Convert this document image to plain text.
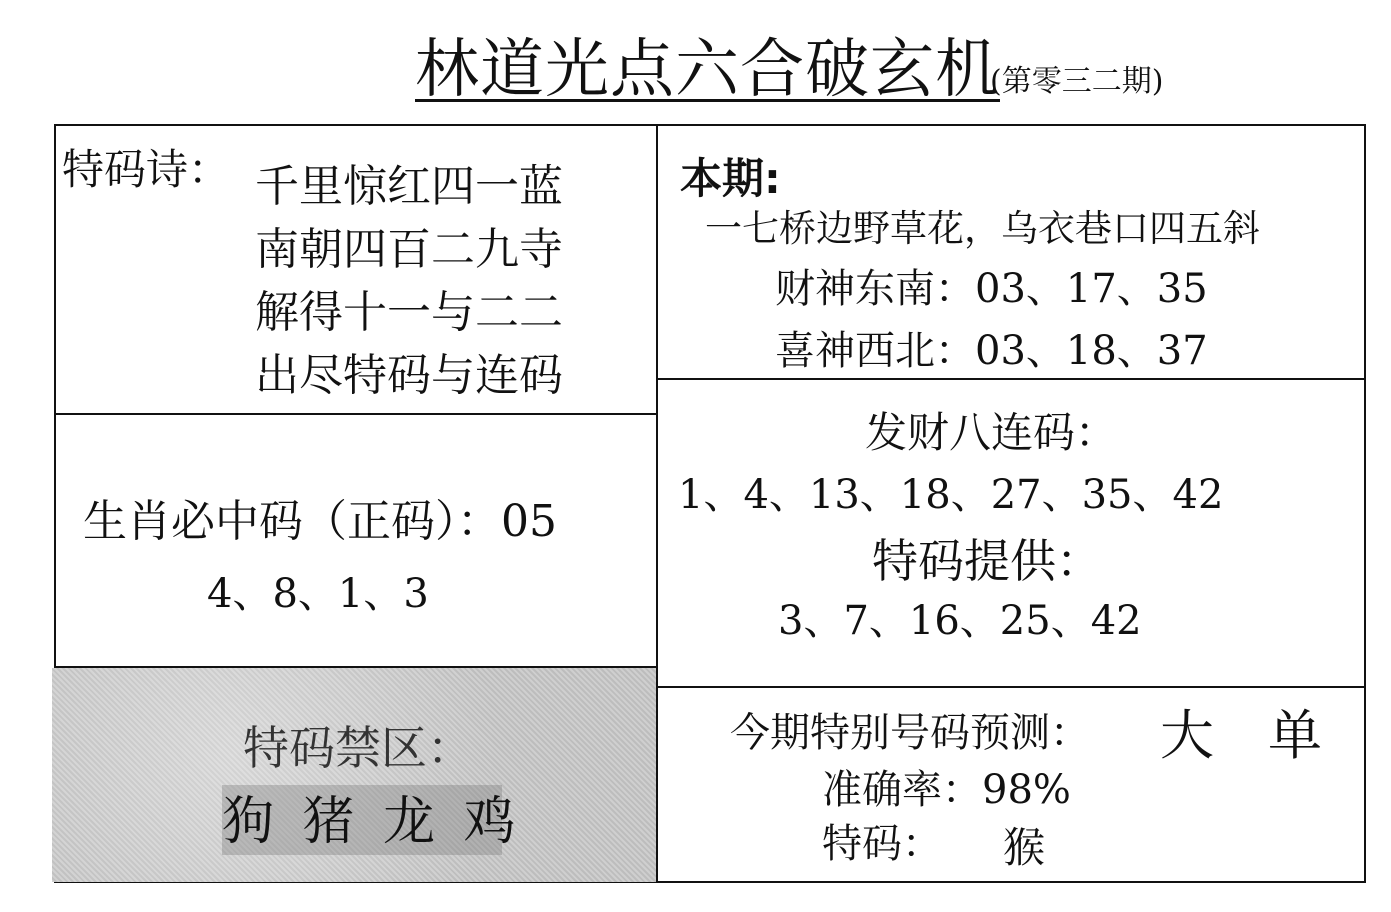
林道光点六合破玄机
(第零三二期)
特码诗： 千里惊红四一蓝
南朝四百二九寺
解得十一与二二
出尽特码与连码
生肖必中码（正码）：05
4、8、1、3
特码禁区：
狗 猪 龙 鸡
本期:
一七桥边野草花，乌衣巷口四五斜
财神东南：03、17、35
喜神西北：03、18、37
发财八连码：
1、4、13、18、27、35、42
特码提供：
3、7、16、25、42
今期特别号码预测： 大　单
准确率：98%
特码： 猴
